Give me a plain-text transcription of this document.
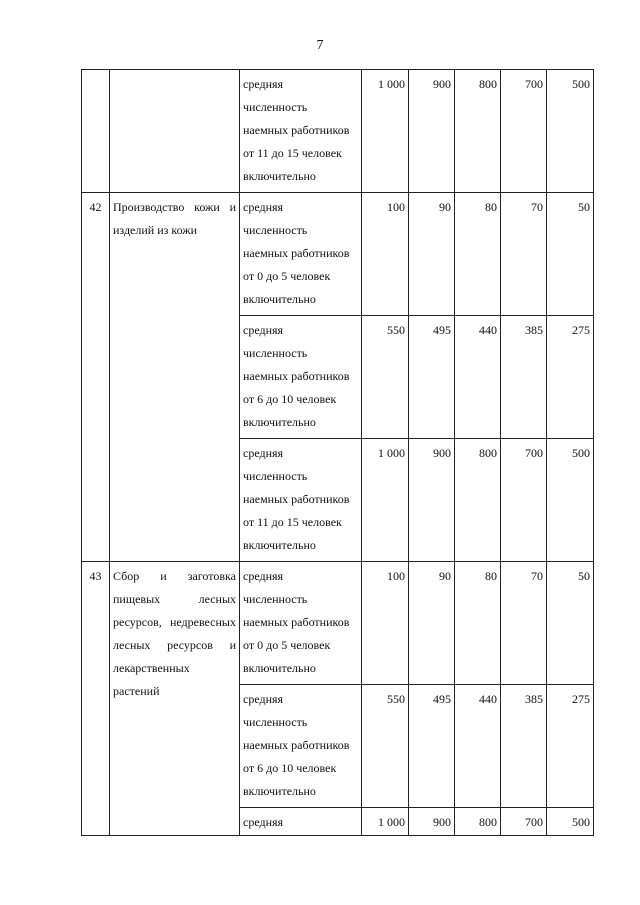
7

		средняя
численность
наемных работников
от 11 до 15 человек
включительно	1 000	900	800	700	500
42	Производство кожи и изделий из кожи	средняя
численность
наемных работников
от 0 до 5 человек
включительно	100	90	80	70	50

		средняя
численность
наемных работников
от 6 до 10 человек
включительно	550	495	440	385	275

		средняя
численность
наемных работников
от 11 до 15 человек
включительно	1 000	900	800	700	500
43	Сбор и заготовка пищевых лесных ресурсов, недревесных лесных ресурсов и лекарственных растений	средняя
численность
наемных работников
от 0 до 5 человек
включительно	100	90	80	70	50

		средняя
численность
наемных работников
от 6 до 10 человек
включительно	550	495	440	385	275

		средняя	1 000	900	800	700	500
